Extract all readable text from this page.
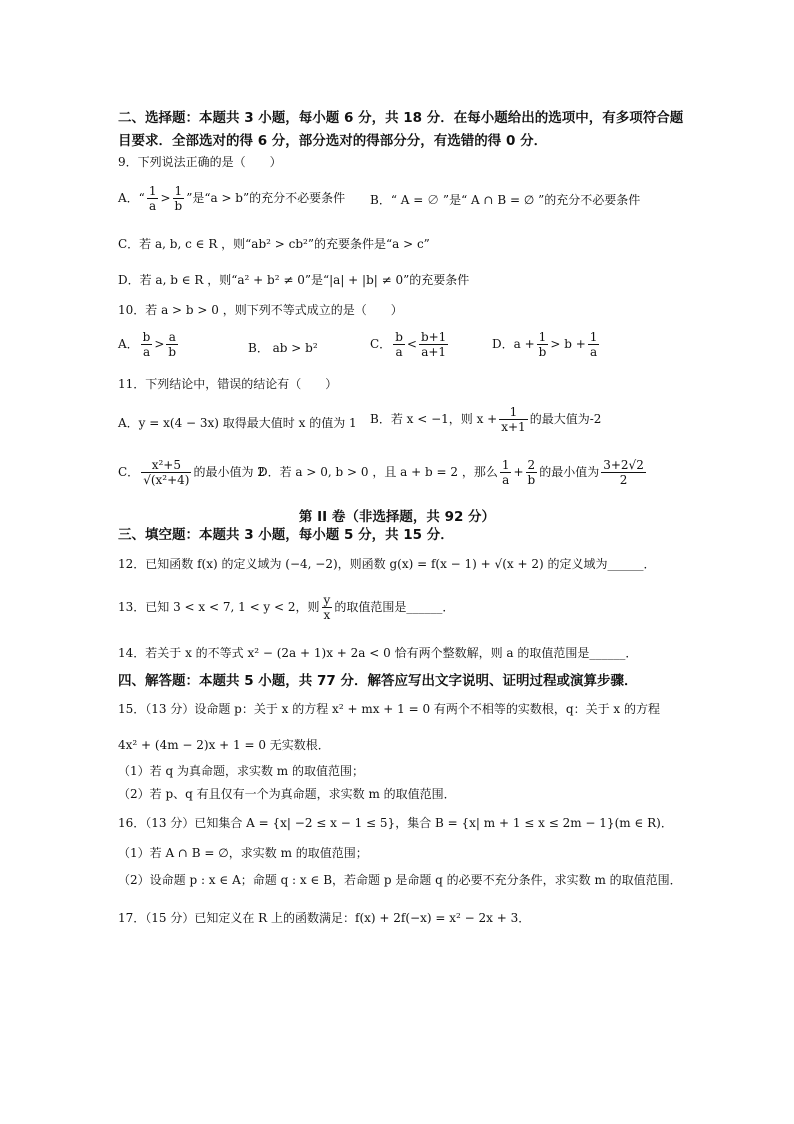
二、选择题：本题共 3 小题，每小题 6 分，共 18 分．在每小题给出的选项中，有多项符合题
目要求．全部选对的得 6 分，部分选对的得部分分，有选错的得 0 分．
9．下列说法正确的是（　　）
A．“ $\frac{1}{a} > \frac{1}{b}$ ”是“a > b”的充分不必要条件 B．“ A = ∅ ”是“ A ∩ B = ∅ ”的充分不必要条件
C．若 a, b, c ∈ R ，则“ab² > cb²”的充要条件是“a > c”
D．若 a, b ∈ R ，则“a² + b² ≠ 0”是“|a| + |b| ≠ 0”的充要条件
10．若 a > b > 0 ，则下列不等式成立的是（　　）
A． $\frac{b}{a} > \frac{a}{b}$	B． ab > b²	C． $\frac{b}{a} < \frac{b+1}{a+1}$	D．$a + \frac{1}{b} > b + \frac{1}{a}$
11．下列结论中，错误的结论有（　　）
A．y = x(4 − 3x) 取得最大值时 x 的值为 1 B．若 x < −1，则 $x + \frac{1}{x+1}$ 的最大值为-2
C． $\frac{\text{x²+5}}{\text{√(x²+4)}}$ 的最小值为 2
D．若 a > 0, b > 0 ，且 a + b = 2 ，那么 $\frac{1}{a} + \frac{2}{b}$ 的最小值为 $\frac{3+2√2}{2}$
第 II 卷（非选择题，共 92 分）
三、填空题：本题共 3 小题，每小题 5 分，共 15 分．
12．已知函数 f(x) 的定义域为 (−4, −2)，则函数 g(x) = f(x − 1) + √(x + 2) 的定义域为______．
13．已知 3 < x < 7, 1 < y < 2，则 $\frac{y}{x}$ 的取值范围是______．
14．若关于 x 的不等式 x² − (2a + 1)x + 2a < 0 恰有两个整数解，则 a 的取值范围是______．
四、解答题：本题共 5 小题，共 77 分．解答应写出文字说明、证明过程或演算步骤．
15．（13 分）设命题 p：关于 x 的方程 x² + mx + 1 = 0 有两个不相等的实数根，q：关于 x 的方程
4x² + (4m − 2)x + 1 = 0 无实数根．
（1）若 q 为真命题，求实数 m 的取值范围；
（2）若 p、q 有且仅有一个为真命题，求实数 m 的取值范围．
16．（13 分）已知集合 A = {x| −2 ≤ x − 1 ≤ 5}，集合 B = {x| m + 1 ≤ x ≤ 2m − 1}(m ∈ R)．
（1）若 A ∩ B = ∅，求实数 m 的取值范围；
（2）设命题 p : x ∈ A；命题 q : x ∈ B，若命题 p 是命题 q 的必要不充分条件，求实数 m 的取值范围．
17．（15 分）已知定义在 R 上的函数满足：f(x) + 2f(−x) = x² − 2x + 3．
